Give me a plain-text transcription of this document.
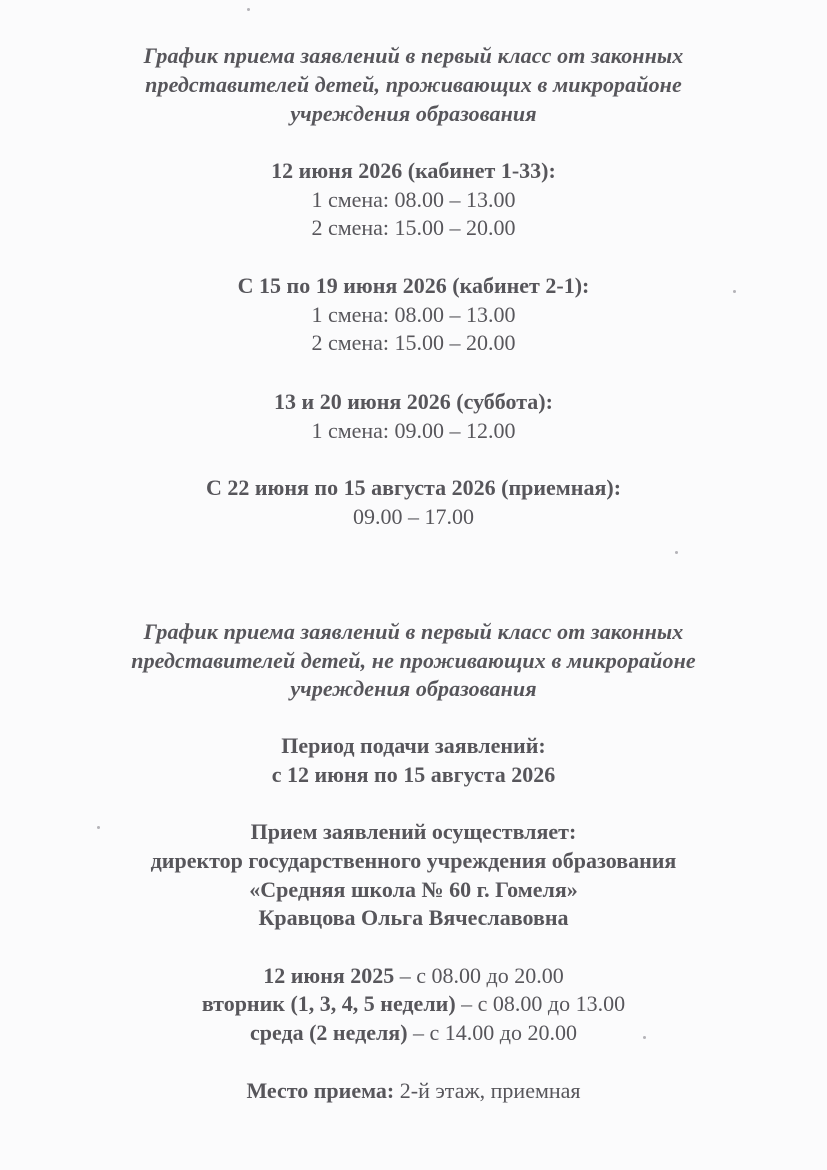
График приема заявлений в первый класс от законных
представителей детей, проживающих в микрорайоне
учреждения образования
12 июня 2026 (кабинет 1-33):
1 смена: 08.00 – 13.00
2 смена: 15.00 – 20.00
С 15 по 19 июня 2026 (кабинет 2-1):
1 смена: 08.00 – 13.00
2 смена: 15.00 – 20.00
13 и 20 июня 2026 (суббота):
1 смена: 09.00 – 12.00
С 22 июня по 15 августа 2026 (приемная):
09.00 – 17.00
График приема заявлений в первый класс от законных
представителей детей, не проживающих в микрорайоне
учреждения образования
Период подачи заявлений:
с 12 июня по 15 августа 2026
Прием заявлений осуществляет:
директор государственного учреждения образования
«Средняя школа № 60 г. Гомеля»
Кравцова Ольга Вячеславовна
12 июня 2025 – с 08.00 до 20.00
вторник (1, 3, 4, 5 недели) – с 08.00 до 13.00
среда (2 неделя) – с 14.00 до 20.00
Место приема: 2-й этаж, приемная
